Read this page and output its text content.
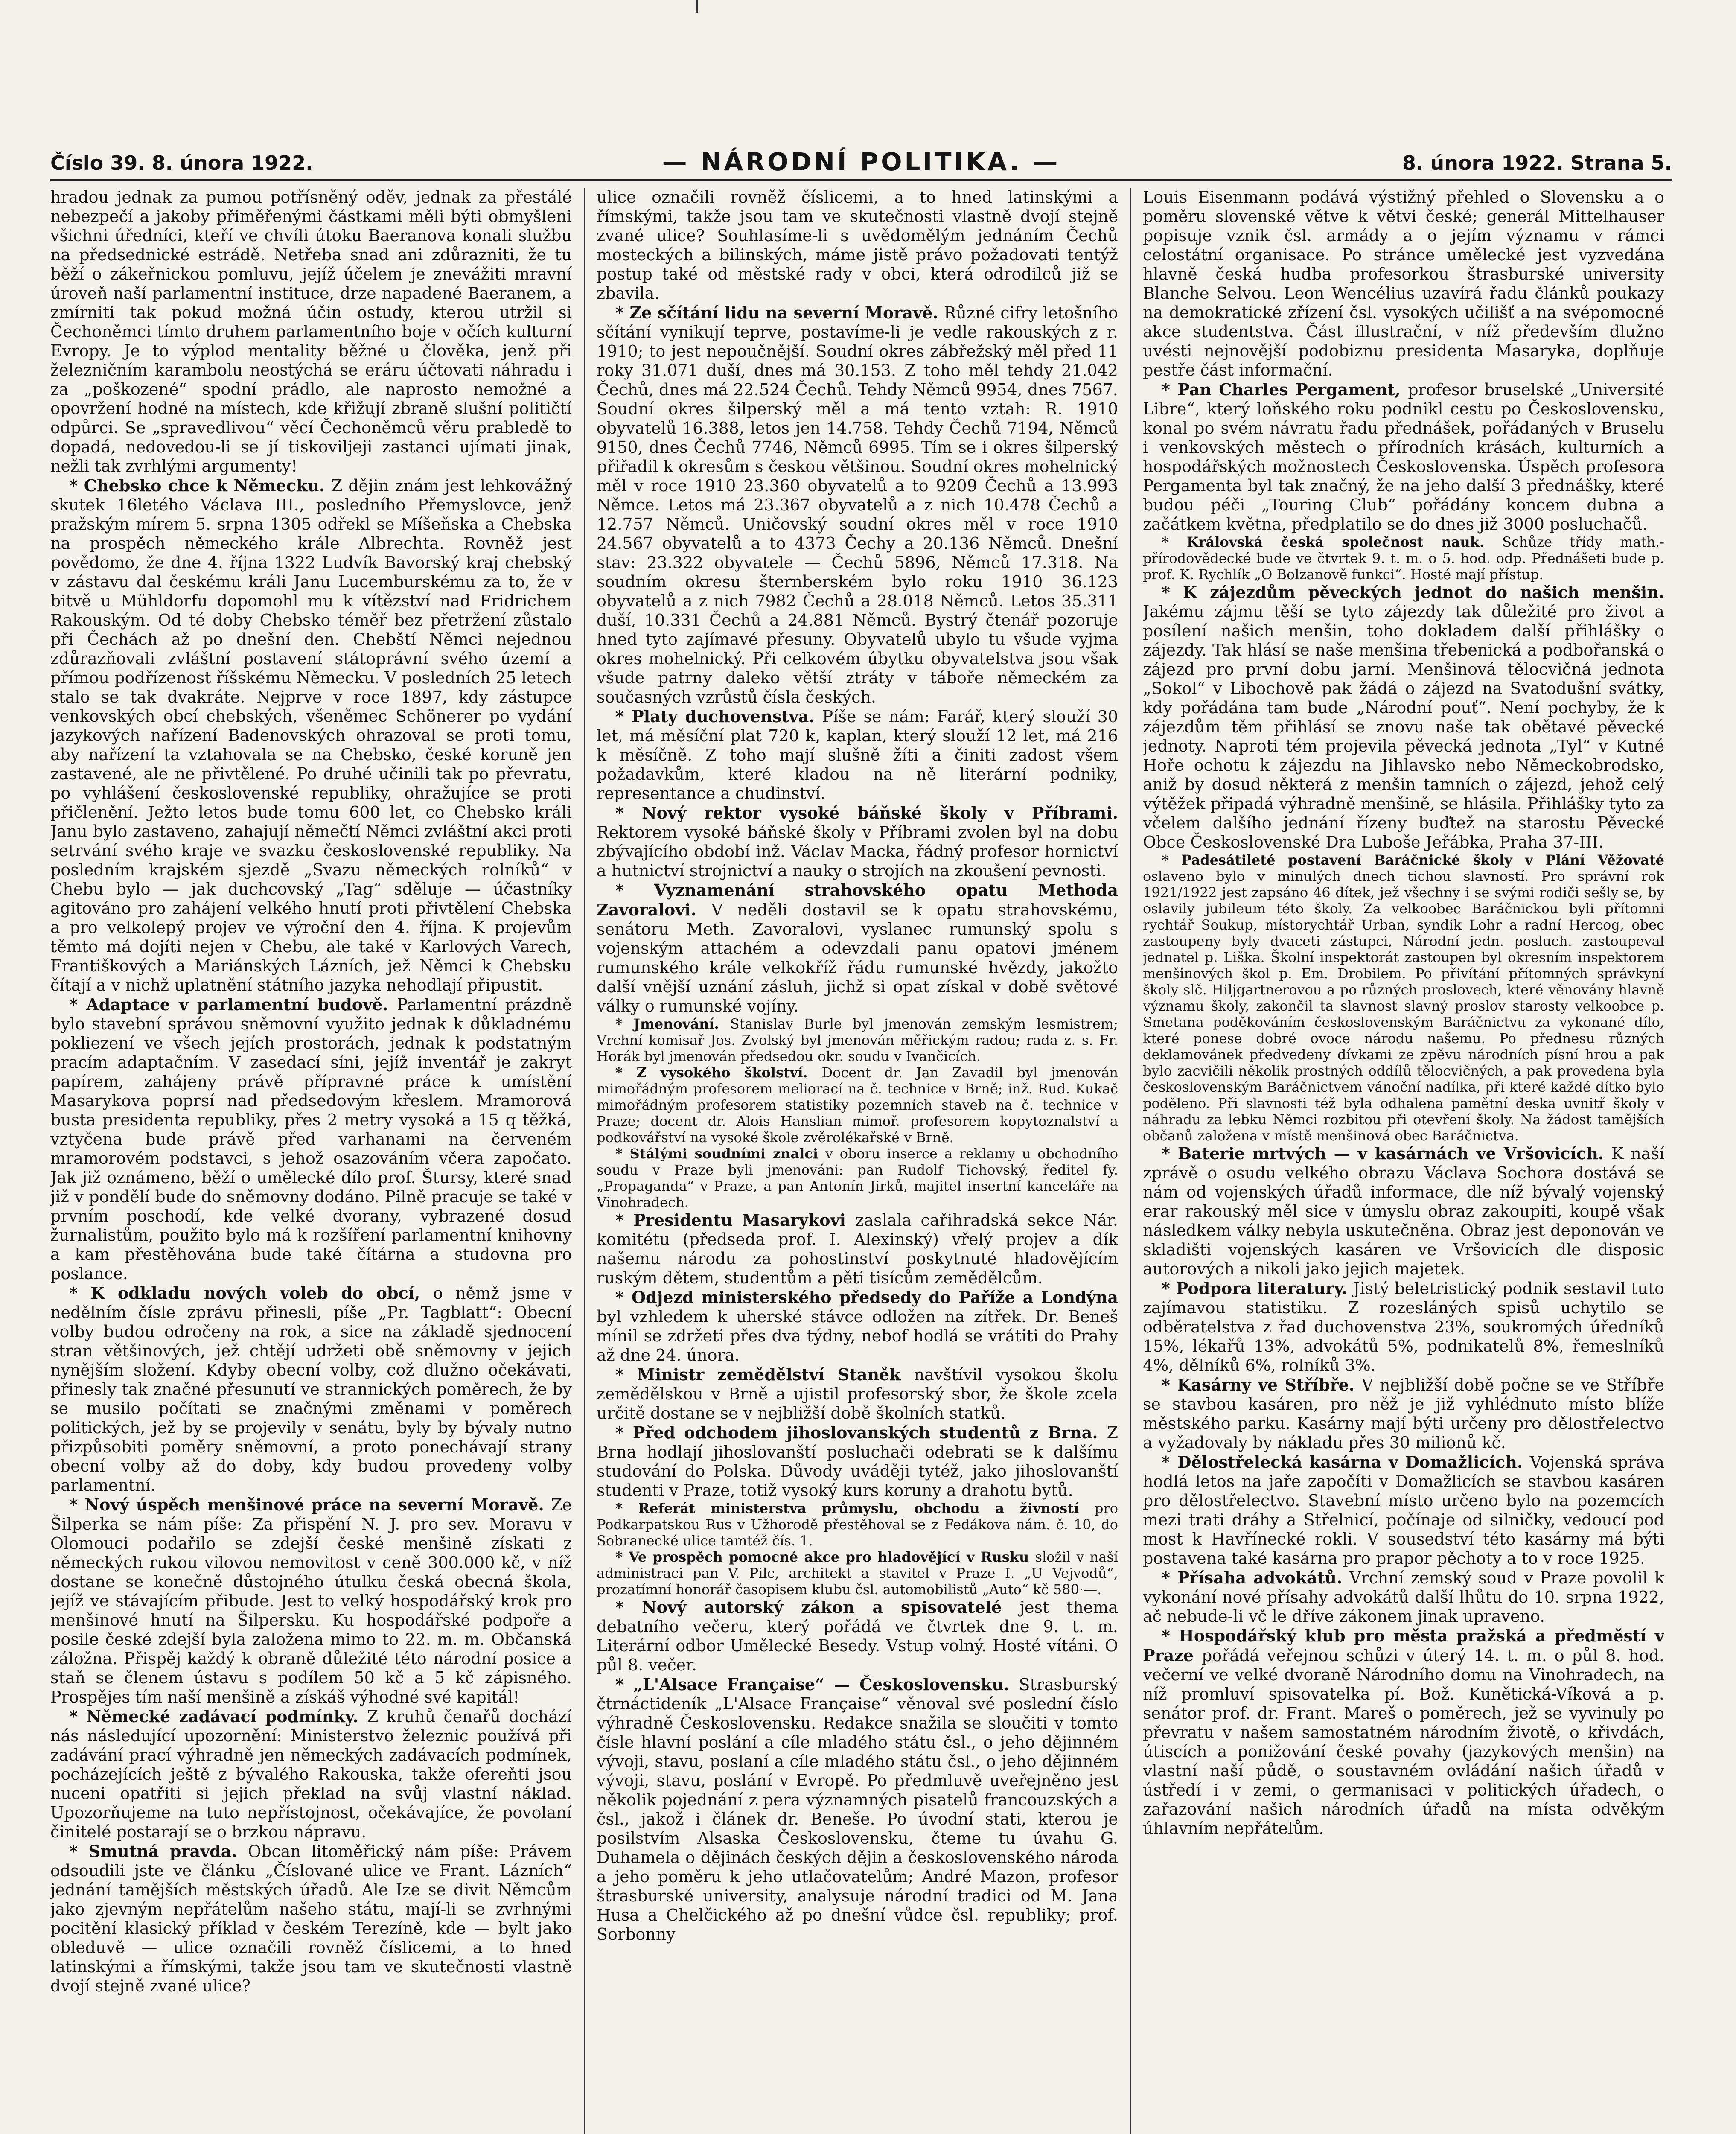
Číslo 39. 8. února 1922.	— NÁRODNÍ POLITIKA. —	8. února 1922. Strana 5.

hradou jednak za pumou potřísněný oděv, jednak za přestálé nebezpečí a jakoby přiměřenými částkami měli býti obmyšleni všichni úředníci, kteří ve chvíli útoku Baeranova konali službu na předsednické estrádě. Netřeba snad ani zdůrazniti, že tu běží o zákeřnickou pomluvu, jejíž účelem je znevážiti mravní úroveň naší parlamentní instituce, drze napadené Baeranem, a zmírniti tak pokud možná účin ostudy, kterou utržil si Čechoněmci tímto druhem parlamentního boje v očích kulturní Evropy. Je to výplod mentality běžné u člověka, jenž při železničním karambolu neostýchá se eráru účtovati náhradu i za „poškozené“ spodní prádlo, ale naprosto nemožné a opovržení hodné na místech, kde křižují zbraně slušní političtí odpůrci. Se „spravedlivou“ věcí Čechoněmců věru prabledě to dopadá, nedovedou-li se jí tiskoviljeji zastanci ujímati jinak, nežli tak zvrhlými argumenty!

* Chebsko chce k Německu. Z dějin znám jest lehkovážný skutek 16letého Václava III., posledního Přemyslovce, jenž pražským mírem 5. srpna 1305 odřekl se Míšeňska a Chebska na prospěch německého krále Albrechta. Rovněž jest povědomo, že dne 4. října 1322 Ludvík Bavorský kraj chebský v zástavu dal českému králi Janu Lucemburskému za to, že v bitvě u Mühldorfu dopomohl mu k vítězství nad Fridrichem Rakouským. Od té doby Chebsko téměř bez přetržení zůstalo při Čechách až po dnešní den. Chebští Němci nejednou zdůrazňovali zvláštní postavení státoprávní svého území a přímou podřízenost říšskému Německu. V posledních 25 letech stalo se tak dvakráte. Nejprve v roce 1897, kdy zástupce venkovských obcí chebských, všeněmec Schönerer po vydání jazykových nařízení Badenovských ohrazoval se proti tomu, aby nařízení ta vztahovala se na Chebsko, české koruně jen zastavené, ale ne přivtělené. Po druhé učinili tak po převratu, po vyhlášení československé republiky, ohražujíce se proti přičlenění. Ježto letos bude tomu 600 let, co Chebsko králi Janu bylo zastaveno, zahajují němečtí Němci zvláštní akci proti setrvání svého kraje ve svazku československé republiky. Na posledním krajském sjezdě „Svazu německých rolníků“ v Chebu bylo — jak duchcovský „Tag“ sděluje — účastníky agitováno pro zahájení velkého hnutí proti přivtělení Chebska a pro velkolepý projev ve výroční den 4. října. K projevům těmto má dojíti nejen v Chebu, ale také v Karlových Varech, Františkových a Mariánských Lázních, jež Němci k Chebsku čítají a v nichž uplatnění státního jazyka nehodlají připustit.

* Adaptace v parlamentní budově. Parlamentní prázdně bylo stavební správou sněmovní využito jednak k důkladnému pokliezení ve všech jejích prostorách, jednak k podstatným pracím adaptačním. V zasedací síni, jejíž inventář je zakryt papírem, zahájeny právě přípravné práce k umístění Masarykova poprsí nad předsedovým křeslem. Mramorová busta presidenta republiky, přes 2 metry vysoká a 15 q těžká, vztyčena bude právě před varhanami na červeném mramorovém podstavci, s jehož osazováním včera započato. Jak již oznámeno, běží o umělecké dílo prof. Štursy, které snad již v pondělí bude do sněmovny dodáno. Pilně pracuje se také v prvním poschodí, kde velké dvorany, vybrazené dosud žurnalistům, použito bylo má k rozšíření parlamentní knihovny a kam přestěhována bude také čítárna a studovna pro poslance.

* K odkladu nových voleb do obcí, o němž jsme v nedělním čísle zprávu přinesli, píše „Pr. Tagblatt“: Obecní volby budou odročeny na rok, a sice na základě sjednocení stran většinových, jež chtějí udržeti obě sněmovny v jejich nynějším složení. Kdyby obecní volby, což dlužno očekávati, přinesly tak značné přesunutí ve strannických poměrech, že by se musilo počítati se značnými změnami v poměrech politických, jež by se projevily v senátu, byly by bývaly nutno přizpůsobiti poměry sněmovní, a proto ponechávají strany obecní volby až do doby, kdy budou provedeny volby parlamentní.

* Nový úspěch menšinové práce na severní Moravě. Ze Šilperka se nám píše: Za přispění N. J. pro sev. Moravu v Olomouci podařilo se zdejší české menšině získati z německých rukou vilovou nemovitost v ceně 300.000 kč, v níž dostane se konečně důstojného útulku česká obecná škola, jejíž ve stávajícím přibude. Jest to velký hospodářský krok pro menšinové hnutí na Šilpersku. Ku hospodářské podpoře a posile české zdejší byla založena mimo to 22. m. m. Občanská záložna. Přispěj každý k obraně důležité této národní posice a staň se členem ústavu s podílem 50 kč a 5 kč zápisného. Prospějes tím naší menšině a získáš výhodné své kapitál!

* Německé zadávací podmínky. Z kruhů čenařů dochází nás následující upozornění: Ministerstvo železnic používá při zadávání prací výhradně jen německých zadávacích podmínek, pocházejících ještě z bývalého Rakouska, takže ofereňti jsou nuceni opatřiti si jejich překlad na svůj vlastní náklad. Upozorňujeme na tuto nepřístojnost, očekávajíce, že povolaní činitelé postarají se o brzkou nápravu.

* Smutná pravda. Obcan litoměřický nám píše: Právem odsoudili jste ve článku „Číslované ulice ve Frant. Lázních“ jednání tamějších městských úřadů. Ale Ize se divit Němcům jako zjevným nepřátelům našeho státu, mají-li se zvrhnými pocitění klasický příklad v českém Terezíně, kde — bylt jako obleduvě — ulice označili rovněž číslicemi, a to hned latinskými a římskými, takže jsou tam ve skutečnosti vlastně dvojí stejně zvané ulice?

ulice označili rovněž číslicemi, a to hned latinskými a římskými, takže jsou tam ve skutečnosti vlastně dvojí stejně zvané ulice? Souhlasíme-li s uvědomělým jednáním Čechů mosteckých a bilinských, máme jistě právo požadovati tentýž postup také od městské rady v obci, která odrodilců již se zbavila.

* Ze sčítání lidu na severní Moravě. Různé cifry letošního sčítání vynikují teprve, postavíme-li je vedle rakouských z r. 1910; to jest nepoučnější. Soudní okres zábřežský měl před 11 roky 31.071 duší, dnes má 30.153. Z toho měl tehdy 21.042 Čechů, dnes má 22.524 Čechů. Tehdy Němců 9954, dnes 7567. Soudní okres šilperský měl a má tento vztah: R. 1910 obyvatelů 16.388, letos jen 14.758. Tehdy Čechů 7194, Němců 9150, dnes Čechů 7746, Němců 6995. Tím se i okres šilperský přiřadil k okresům s českou většinou. Soudní okres mohelnický měl v roce 1910 23.360 obyvatelů a to 9209 Čechů a 13.993 Němce. Letos má 23.367 obyvatelů a z nich 10.478 Čechů a 12.757 Němců. Uničovský soudní okres měl v roce 1910 24.567 obyvatelů a to 4373 Čechy a 20.136 Němců. Dnešní stav: 23.322 obyvatele — Čechů 5896, Němců 17.318. Na soudním okresu šternberském bylo roku 1910 36.123 obyvatelů a z nich 7982 Čechů a 28.018 Němců. Letos 35.311 duší, 10.331 Čechů a 24.881 Němců. Bystrý čtenář pozoruje hned tyto zajímavé přesuny. Obyvatelů ubylo tu všude vyjma okres mohelnický. Při celkovém úbytku obyvatelstva jsou však všude patrny daleko větší ztráty v táboře německém za současných vzrůstů čísla českých.

* Platy duchovenstva. Píše se nám: Farář, který slouží 30 let, má měsíční plat 720 k, kaplan, který slouží 12 let, má 216 k měsíčně. Z toho mají slušně žíti a činiti zadost všem požadavkům, které kladou na ně literární podniky, representance a chudinství.

* Nový rektor vysoké báňské školy v Příbrami. Rektorem vysoké báňské školy v Příbrami zvolen byl na dobu zbývajícího období inž. Václav Macka, řádný profesor hornictví a hutnictví strojnictví a nauky o strojích na zkoušení pevnosti.

* Vyznamenání strahovského opatu Methoda Zavoralovi. V neděli dostavil se k opatu strahovskému, senátoru Meth. Zavoralovi, vyslanec rumunský spolu s vojenským attachém a odevzdali panu opatovi jménem rumunského krále velkokříž řádu rumunské hvězdy, jakožto další vnější uznání zásluh, jichž si opat získal v době světové války o rumunské vojíny.

* Jmenování. Stanislav Burle byl jmenován zemským lesmistrem; Vrchní komisař Jos. Zvolský byl jmenován měřickým radou; rada z. s. Fr. Horák byl jmenován předsedou okr. soudu v Ivančicích.

* Z vysokého školství. Docent dr. Jan Zavadil byl jmenován mimořádným profesorem meliorací na č. technice v Brně; inž. Rud. Kukač mimořádným profesorem statistiky pozemních staveb na č. technice v Praze; docent dr. Alois Hanslian mimoř. profesorem kopytoznalství a podkovářství na vysoké škole zvěrolékařské v Brně.

* Stálými soudními znalci v oboru inserce a reklamy u obchodního soudu v Praze byli jmenováni: pan Rudolf Tichovský, ředitel fy. „Propaganda“ v Praze, a pan Antonín Jirků, majitel insertní kanceláře na Vinohradech.

* Presidentu Masarykovi zaslala cařihradská sekce Nár. komitétu (předseda prof. I. Alexinský) vřelý projev a dík našemu národu za pohostinství poskytnuté hladovějícím ruským dětem, studentům a pěti tisícům zemědělcům.

* Odjezd ministerského předsedy do Paříže a Londýna byl vzhledem k uherské stávce odložen na zítřek. Dr. Beneš mínil se zdržeti přes dva týdny, nebof hodlá se vrátiti do Prahy až dne 24. února.

* Ministr zemědělství Staněk navštívil vysokou školu zemědělskou v Brně a ujistil profesorský sbor, že škole zcela určitě dostane se v nejbližší době školních statků.

* Před odchodem jihoslovanských studentů z Brna. Z Brna hodlají jihoslovanští posluchači odebrati se k dalšímu studování do Polska. Důvody uváději tytéž, jako jihoslovanští studenti v Praze, totiž vysoký kurs koruny a drahotu bytů.

* Referát ministerstva průmyslu, obchodu a živností pro Podkarpatskou Rus v Užhorodě přestěhoval se z Fedákova nám. č. 10, do Sobranecké ulice tamtéž čís. 1.

* Ve prospěch pomocné akce pro hladovějící v Rusku složil v naší administraci pan V. Pilc, architekt a stavitel v Praze I. „U Vejvodů“, prozatímní honorář časopisem klubu čsl. automobilistů „Auto“ kč 580·—.

* Nový autorský zákon a spisovatelé jest thema debatního večeru, který pořádá ve čtvrtek dne 9. t. m. Literární odbor Umělecké Besedy. Vstup volný. Hosté vítáni. O půl 8. večer.

* „L'Alsace Française“ — Československu. Strasburský čtrnáctideník „L'Alsace Française“ věnoval své poslední číslo výhradně Československu. Redakce snažila se sloučiti v tomto čísle hlavní poslání a cíle mladého státu čsl., o jeho dějinném vývoji, stavu, poslaní a cíle mladého státu čsl., o jeho dějinném vývoji, stavu, poslání v Evropě. Po předmluvě uveřejněno jest několik pojednání z pera významných pisatelů francouzských a čsl., jakož i článek dr. Beneše. Po úvodní stati, kterou je posilstvím Alsaska Československu, čteme tu úvahu G. Duhamela o dějinách českých dějin a československého národa a jeho poměru k jeho utlačovatelům; André Mazon, profesor štrasburské university, analysuje národní tradici od M. Jana Husa a Chelčického až po dnešní vůdce čsl. republiky; prof. Sorbonny

Louis Eisenmann podává výstižný přehled o Slovensku a o poměru slovenské větve k větvi české; generál Mittelhauser popisuje vznik čsl. armády a o jejím významu v rámci celostátní organisace. Po stránce umělecké jest vyzvedána hlavně česká hudba profesorkou štrasburské university Blanche Selvou. Leon Wencélius uzavírá řadu článků poukazy na demokratické zřízení čsl. vysokých učilišť a na svépomocné akce studentstva. Část illustrační, v níž především dlužno uvésti nejnovější podobiznu presidenta Masaryka, doplňuje pestře část informační.

* Pan Charles Pergament, profesor bruselské „Université Libre“, který loňského roku podnikl cestu po Československu, konal po svém návratu řadu přednášek, pořádaných v Bruselu i venkovských městech o přírodních krásách, kulturních a hospodářských možnostech Československa. Úspěch profesora Pergamenta byl tak značný, že na jeho další 3 přednášky, které budou péči „Touring Club“ pořádány koncem dubna a začátkem května, předplatilo se do dnes již 3000 posluchačů.

* Královská česká společnost nauk. Schůze třídy math.-přírodovědecké bude ve čtvrtek 9. t. m. o 5. hod. odp. Přednášeti bude p. prof. K. Rychlík „O Bolzanově funkci“. Hosté mají přístup.

* K zájezdům pěveckých jednot do našich menšin. Jakému zájmu těší se tyto zájezdy tak důležité pro život a posílení našich menšin, toho dokladem další přihlášky o zájezdy. Tak hlásí se naše menšina třebenická a podbořanská o zájezd pro první dobu jarní. Menšinová tělocvičná jednota „Sokol“ v Libochově pak žádá o zájezd na Svatodušní svátky, kdy pořádána tam bude „Národní pouť“. Není pochyby, že k zájezdům těm přihlásí se znovu naše tak obětavé pěvecké jednoty. Naproti tém projevila pěvecká jednota „Tyl“ v Kutné Hoře ochotu k zájezdu na Jihlavsko nebo Německobrodsko, aniž by dosud některá z menšin tamních o zájezd, jehož celý výtěžek připadá výhradně menšině, se hlásila. Přihlášky tyto za včelem dalšího jednání řízeny buďtež na starostu Pěvecké Obce Československé Dra Luboše Jeřábka, Praha 37-III.

* Padesátileté postavení Baráčnické školy v Plání Věžovaté oslaveno bylo v minulých dnech tichou slavností. Pro správní rok 1921/1922 jest zapsáno 46 dítek, jež všechny i se svými rodiči sešly se, by oslavily jubileum této školy. Za velkoobec Baráčnickou byli přítomni rychtář Soukup, místorychtář Urban, syndik Lohr a radní Hercog, obec zastoupeny byly dvaceti zástupci, Národní jedn. posluch. zastoupeval jednatel p. Liška. Školní inspektorát zastoupen byl okresním inspektorem menšinových škol p. Em. Drobilem. Po přivítání přítomných správkyní školy slč. Hiljgartnerovou a po různých proslovech, které věnovány hlavně významu školy, zakončil ta slavnost slavný proslov starosty velkoobce p. Smetana poděkováním československým Baráčnictvu za vykonané dílo, které ponese dobré ovoce národu našemu. Po přednesu různých deklamovánek předvedeny dívkami ze zpěvu národních písní hrou a pak bylo zacvičili několik prostných oddílů tělocvičných, a pak provedena byla československým Baráčnictvem vánoční nadílka, při které každé dítko bylo poděleno. Při slavnosti též byla odhalena pamětní deska uvnitř školy v náhradu za lebku Němci rozbitou při otevření školy. Na žádost tamějších občanů založena v místě menšinová obec Baráčnictva.

* Baterie mrtvých — v kasárnách ve Vršovicích. K naší zprávě o osudu velkého obrazu Václava Sochora dostává se nám od vojenských úřadů informace, dle níž bývalý vojenský erar rakouský měl sice v úmyslu obraz zakoupiti, koupě však následkem války nebyla uskutečněna. Obraz jest deponován ve skladišti vojenských kasáren ve Vršovicích dle disposic autorových a nikoli jako jejich majetek.

* Podpora literatury. Jistý beletristický podnik sestavil tuto zajímavou statistiku. Z rozesláných spisů uchytilo se odběratelstva z řad duchovenstva 23%, soukromých úředníků 15%, lékařů 13%, advokátů 5%, podnikatelů 8%, řemeslníků 4%, dělníků 6%, rolníků 3%.

* Kasárny ve Stříbře. V nejbližší době počne se ve Stříbře se stavbou kasáren, pro něž je již vyhlédnuto místo blíže městského parku. Kasárny mají býti určeny pro dělostřelectvo a vyžadovaly by nákladu přes 30 milionů kč.

* Dělostřelecká kasárna v Domažlicích. Vojenská správa hodlá letos na jaře započíti v Domažlicích se stavbou kasáren pro dělostřelectvo. Stavební místo určeno bylo na pozemcích mezi trati dráhy a Střelnicí, počínaje od silničky, vedoucí pod most k Havřínecké rokli. V sousedství této kasárny má býti postavena také kasárna pro prapor pěchoty a to v roce 1925.

* Přísaha advokátů. Vrchní zemský soud v Praze povolil k vykonání nové přísahy advokátů další lhůtu do 10. srpna 1922, ač nebude-li vč le dříve zákonem jinak upraveno.

* Hospodářský klub pro města pražská a předměstí v Praze pořádá veřejnou schůzi v úterý 14. t. m. o půl 8. hod. večerní ve velké dvoraně Národního domu na Vinohradech, na níž promluví spisovatelka pí. Bož. Kunětická-Víková a p. senátor prof. dr. Frant. Mareš o poměrech, jež se vyvinuly po převratu v našem samostatném národním životě, o křivdách, útiscích a ponižování české povahy (jazykových menšin) na vlastní naší půdě, o soustavném ovládání našich úřadů v ústředí i v zemi, o germanisaci v politických úřadech, o zařazování našich národních úřadů na místa odvěkým úhlavním nepřátelům.
